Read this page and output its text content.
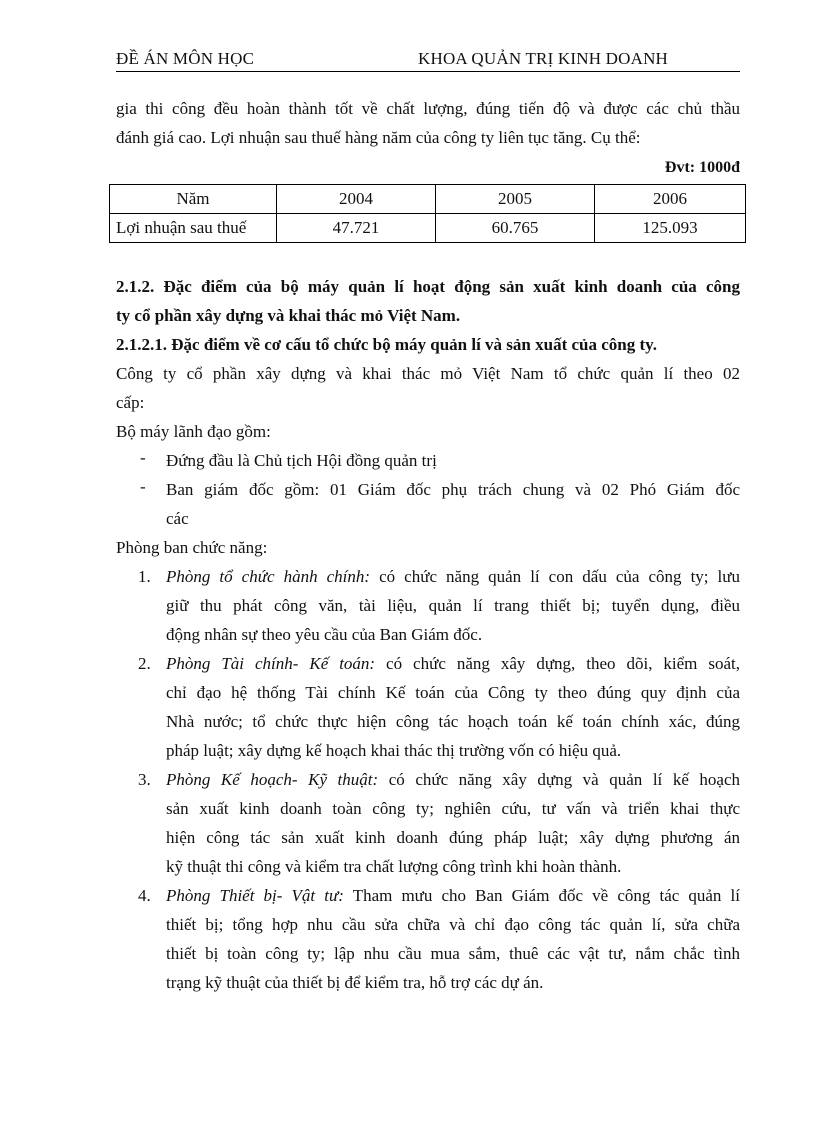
ĐỀ ÁN MÔN HỌC	KHOA QUẢN TRỊ KINH DOANH

gia thi công đều hoàn thành tốt về chất lượng, đúng tiến độ và được các chủ thầu

đánh giá cao. Lợi nhuận sau thuế hàng năm của công ty liên tục tăng. Cụ thể:

Đvt: 1000đ
Năm	2004	2005	2006
Lợi nhuận sau thuế	47.721	60.765	125.093

2.1.2. Đặc điểm của bộ máy quản lí hoạt động sản xuất kinh doanh của công

ty cổ phần xây dựng và khai thác mỏ Việt Nam.

2.1.2.1. Đặc điểm về cơ cấu tổ chức bộ máy quản lí và sản xuất của công ty.

Công ty cổ phần xây dựng và khai thác mỏ Việt Nam tổ chức quản lí theo 02

cấp:

Bộ máy lãnh đạo gồm:

- Đứng đầu là Chủ tịch Hội đồng quản trị

- Ban giám đốc gồm: 01 Giám đốc phụ trách chung và 02 Phó Giám đốc

các

Phòng ban chức năng:

1. Phòng tổ chức hành chính: có chức năng quản lí con dấu của công ty; lưu

giữ thu phát công văn, tài liệu, quản lí trang thiết bị; tuyển dụng, điều

động nhân sự theo yêu cầu của Ban Giám đốc.

2. Phòng Tài chính- Kế toán: có chức năng xây dựng, theo dõi, kiểm soát,

chỉ đạo hệ thống Tài chính Kế toán của Công ty theo đúng quy định của

Nhà nước; tổ chức thực hiện công tác hoạch toán kế toán chính xác, đúng

pháp luật; xây dựng kế hoạch khai thác thị trường vốn có hiệu quả.

3. Phòng Kế hoạch- Kỹ thuật: có chức năng xây dựng và quản lí kế hoạch

sản xuất kinh doanh toàn công ty; nghiên cứu, tư vấn và triển khai thực

hiện công tác sản xuất kinh doanh đúng pháp luật; xây dựng phương án

kỹ thuật thi công và kiểm tra chất lượng công trình khi hoàn thành.

4. Phòng Thiết bị- Vật tư: Tham mưu cho Ban Giám đốc về công tác quản lí

thiết bị; tổng hợp nhu cầu sửa chữa và chỉ đạo công tác quản lí, sửa chữa

thiết bị toàn công ty; lập nhu cầu mua sắm, thuê các vật tư, nắm chắc tình

trạng kỹ thuật của thiết bị để kiểm tra, hỗ trợ các dự án.
